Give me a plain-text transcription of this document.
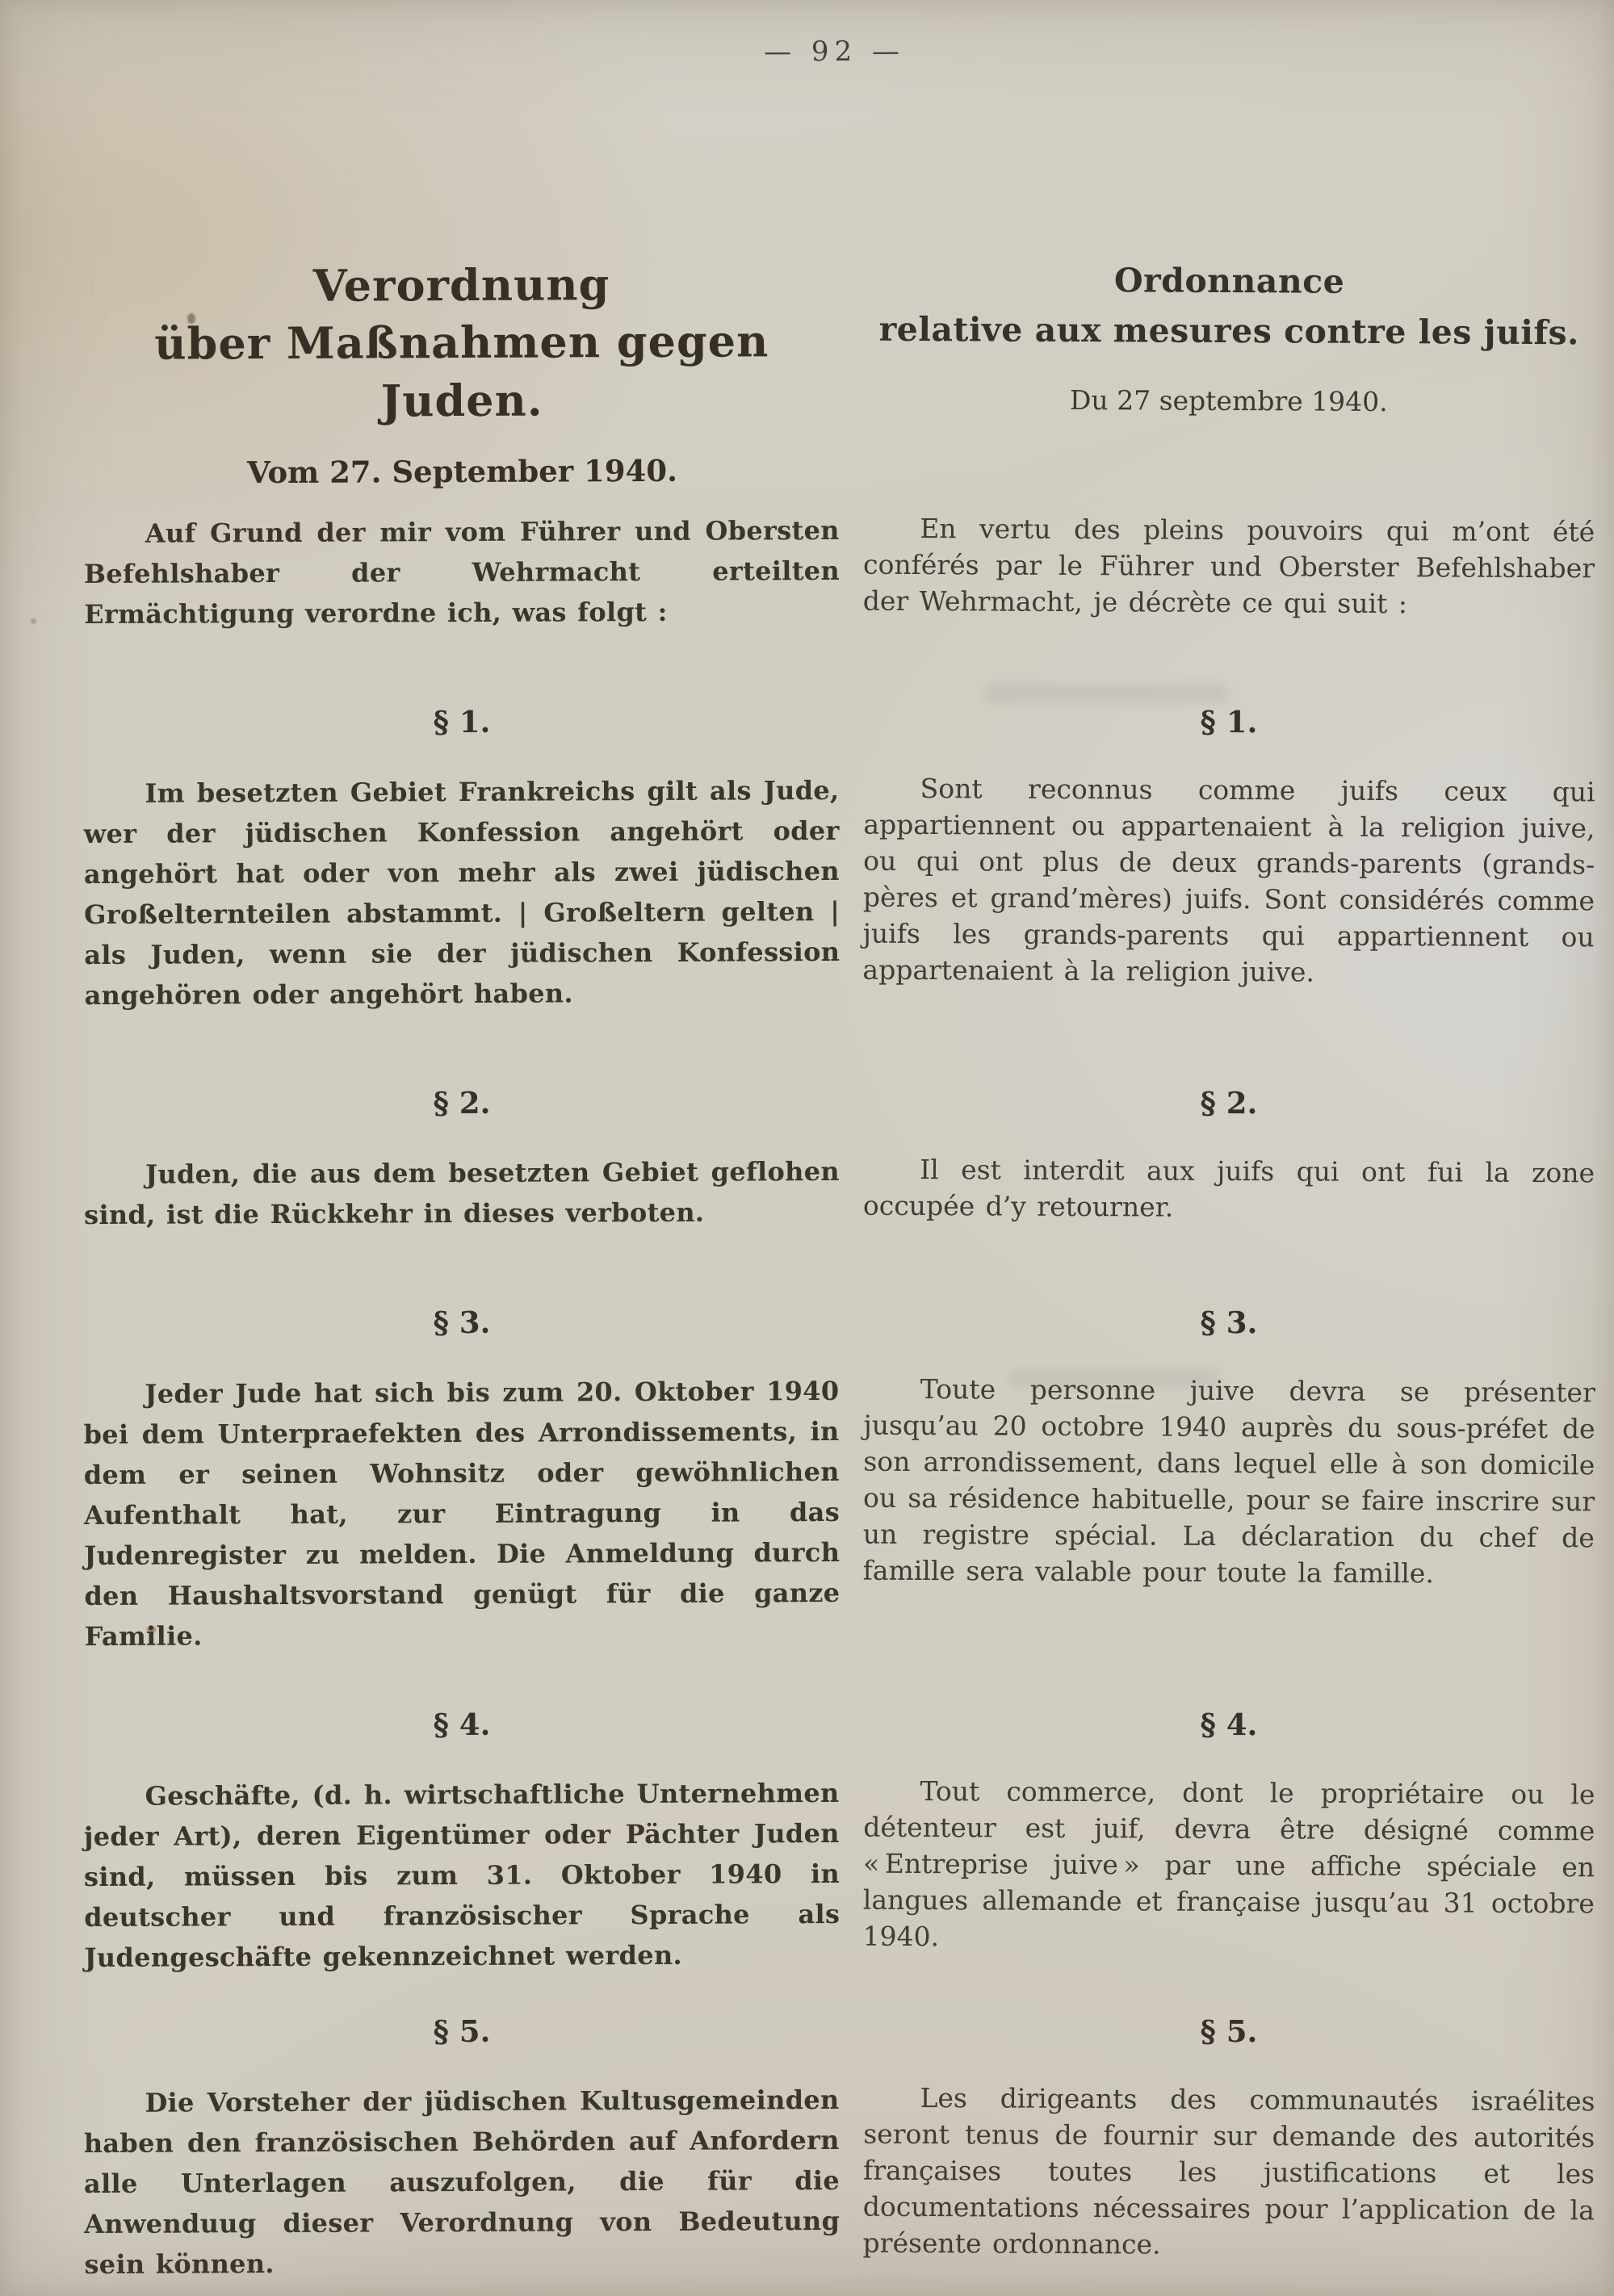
— 92 —
Verordnung
über Maßnahmen gegen Juden.
Vom 27. September 1940.
Ordonnance
relative aux mesures contre les juifs.
Du 27 septembre 1940.

Auf Grund der mir vom Führer und Obersten Befehlshaber der Wehrmacht erteilten Ermächtigung verordne ich, was folgt :

En vertu des pleins pouvoirs qui m’ont été conférés par le Führer und Oberster Befehlshaber der Wehrmacht, je décrète ce qui suit :

§ 1.	§ 1.

Im besetzten Gebiet Frankreichs gilt als Jude, wer der jüdischen Konfession angehört oder angehört hat oder von mehr als zwei jüdischen Großelternteilen abstammt. | Großeltern gelten | als Juden, wenn sie der jüdischen Konfession angehören oder angehört haben.

Sont reconnus comme juifs ceux qui appartiennent ou appartenaient à la religion juive, ou qui ont plus de deux grands-parents (grands-pères et grand’mères) juifs. Sont considérés comme juifs les grands-parents qui appartiennent ou appartenaient à la religion juive.

§ 2.	§ 2.

Juden, die aus dem besetzten Gebiet geflohen sind, ist die Rückkehr in dieses verboten.

Il est interdit aux juifs qui ont fui la zone occupée d’y retourner.

§ 3.	§ 3.

Jeder Jude hat sich bis zum 20. Oktober 1940 bei dem Unterpraefekten des Arrondissements, in dem er seinen Wohnsitz oder gewöhnlichen Aufenthalt hat, zur Eintragung in das Judenregister zu melden. Die Anmeldung durch den Haushaltsvorstand genügt für die ganze Familie.

Toute personne juive devra se présenter jusqu’au 20 octobre 1940 auprès du sous-préfet de son arrondissement, dans lequel elle à son domicile ou sa résidence habituelle, pour se faire inscrire sur un registre spécial. La déclaration du chef de famille sera valable pour toute la famille.

§ 4.	§ 4.

Geschäfte, (d. h. wirtschaftliche Unternehmen jeder Art), deren Eigentümer oder Pächter Juden sind, müssen bis zum 31. Oktober 1940 in deutscher und französischer Sprache als Judengeschäfte gekennzeichnet werden.

Tout commerce, dont le propriétaire ou le détenteur est juif, devra être désigné comme « Entreprise juive » par une affiche spéciale en langues allemande et française jusqu’au 31 octobre 1940.

§ 5.	§ 5.

Die Vorsteher der jüdischen Kultusgemeinden haben den französischen Behörden auf Anfordern alle Unterlagen auszufolgen, die für die Anwenduug dieser Verordnung von Bedeutung sein können.

Les dirigeants des communautés israélites seront tenus de fournir sur demande des autorités françaises toutes les justifications et les documentations nécessaires pour l’application de la présente ordonnance.
